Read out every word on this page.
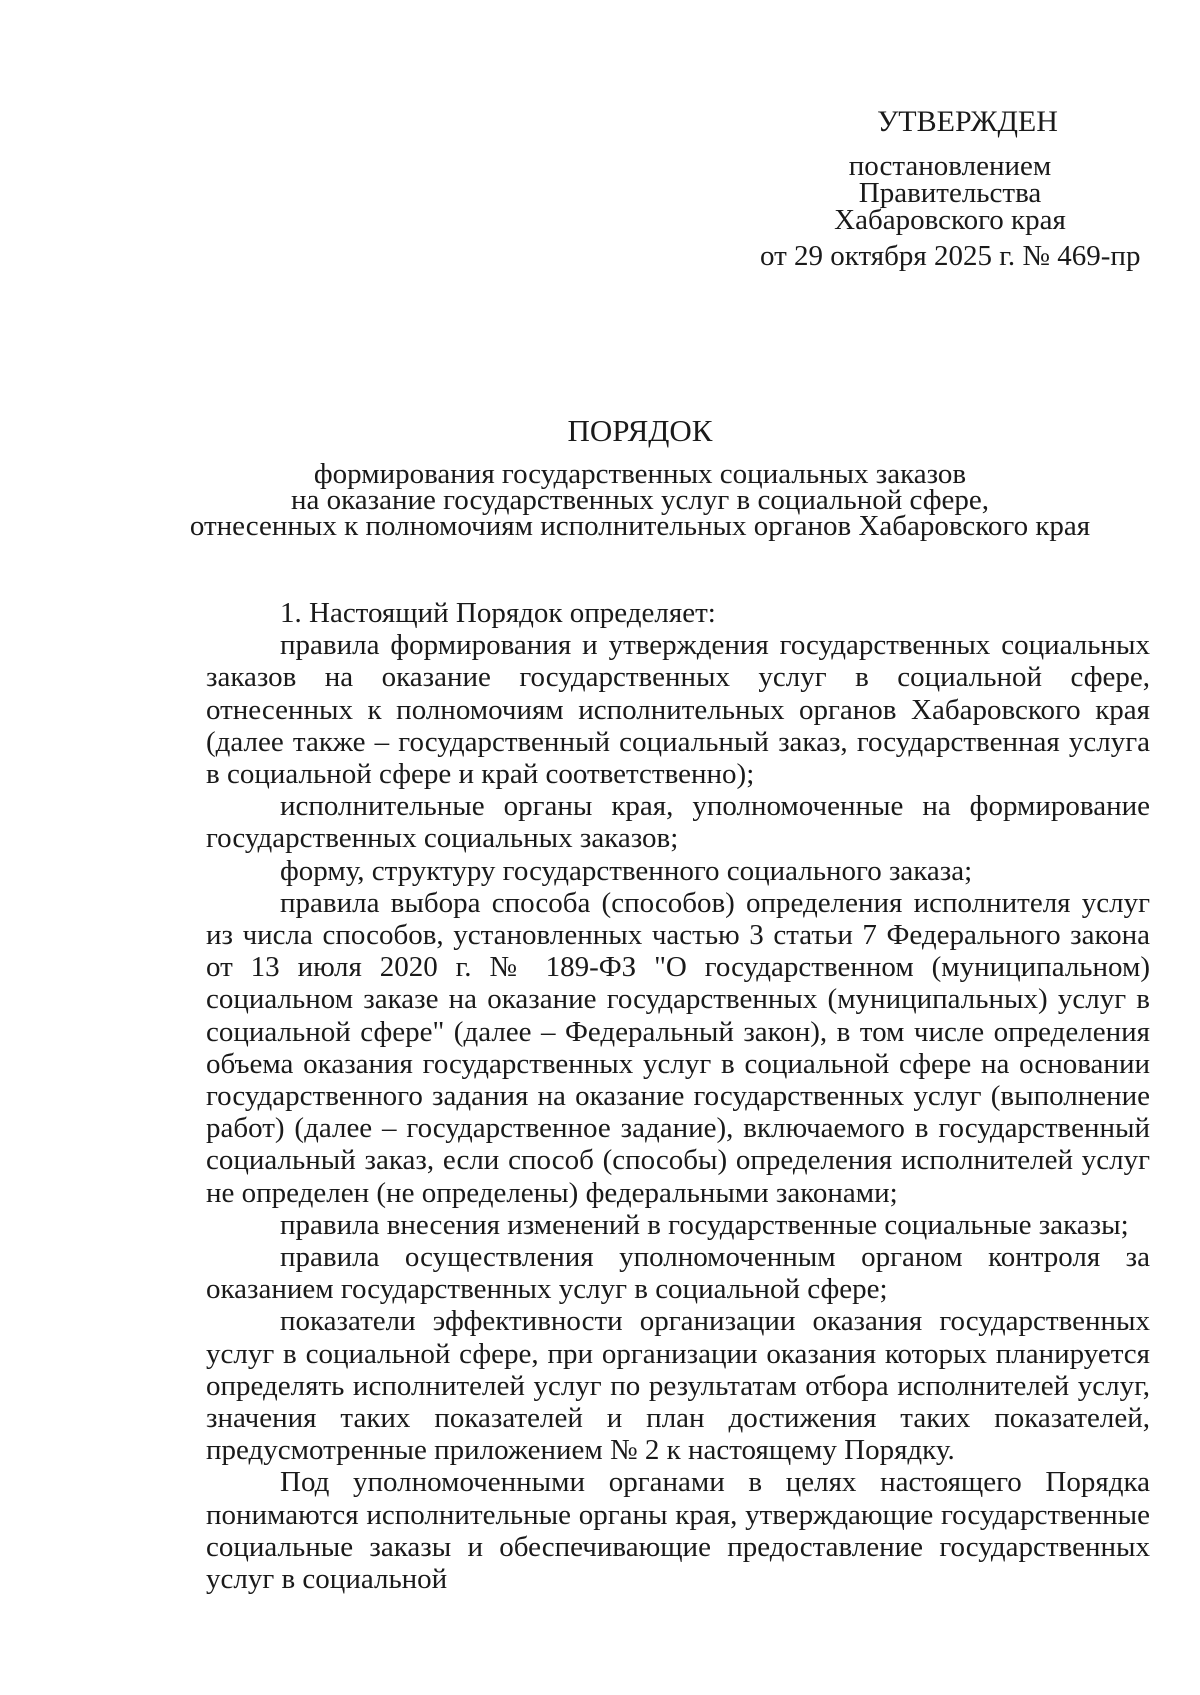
УТВЕРЖДЕН
постановлением
Правительства
Хабаровского края
от 29 октября 2025 г. № 469-пр
ПОРЯДОК
формирования государственных социальных заказов
на оказание государственных услуг в социальной сфере,
отнесенных к полномочиям исполнительных органов Хабаровского края

1. Настоящий Порядок определяет:

правила формирования и утверждения государственных социальных заказов на оказание государственных услуг в социальной сфере, отнесенных к полномочиям исполнительных органов Хабаровского края (далее также – государственный социальный заказ, государственная услуга в социальной сфере и край соответственно);

исполнительные органы края, уполномоченные на формирование государственных социальных заказов;

форму, структуру государственного социального заказа;

правила выбора способа (способов) определения исполнителя услуг из числа способов, установленных частью 3 статьи 7 Федерального закона от 13 июля 2020 г. № 189-ФЗ "О государственном (муниципальном) социальном заказе на оказание государственных (муниципальных) услуг в социальной сфере" (далее – Федеральный закон), в том числе определения объема оказания государственных услуг в социальной сфере на основании государственного задания на оказание государственных услуг (выполнение работ) (далее – государственное задание), включаемого в государственный социальный заказ, если способ (способы) определения исполнителей услуг не определен (не определены) федеральными законами;

правила внесения изменений в государственные социальные заказы;

правила осуществления уполномоченным органом контроля за оказанием государственных услуг в социальной сфере;

показатели эффективности организации оказания государственных услуг в социальной сфере, при организации оказания которых планируется определять исполнителей услуг по результатам отбора исполнителей услуг, значения таких показателей и план достижения таких показателей, предусмотренные приложением № 2 к настоящему Порядку.

Под уполномоченными органами в целях настоящего Порядка понимаются исполнительные органы края, утверждающие государственные социальные заказы и обеспечивающие предоставление государственных услуг в социальной
